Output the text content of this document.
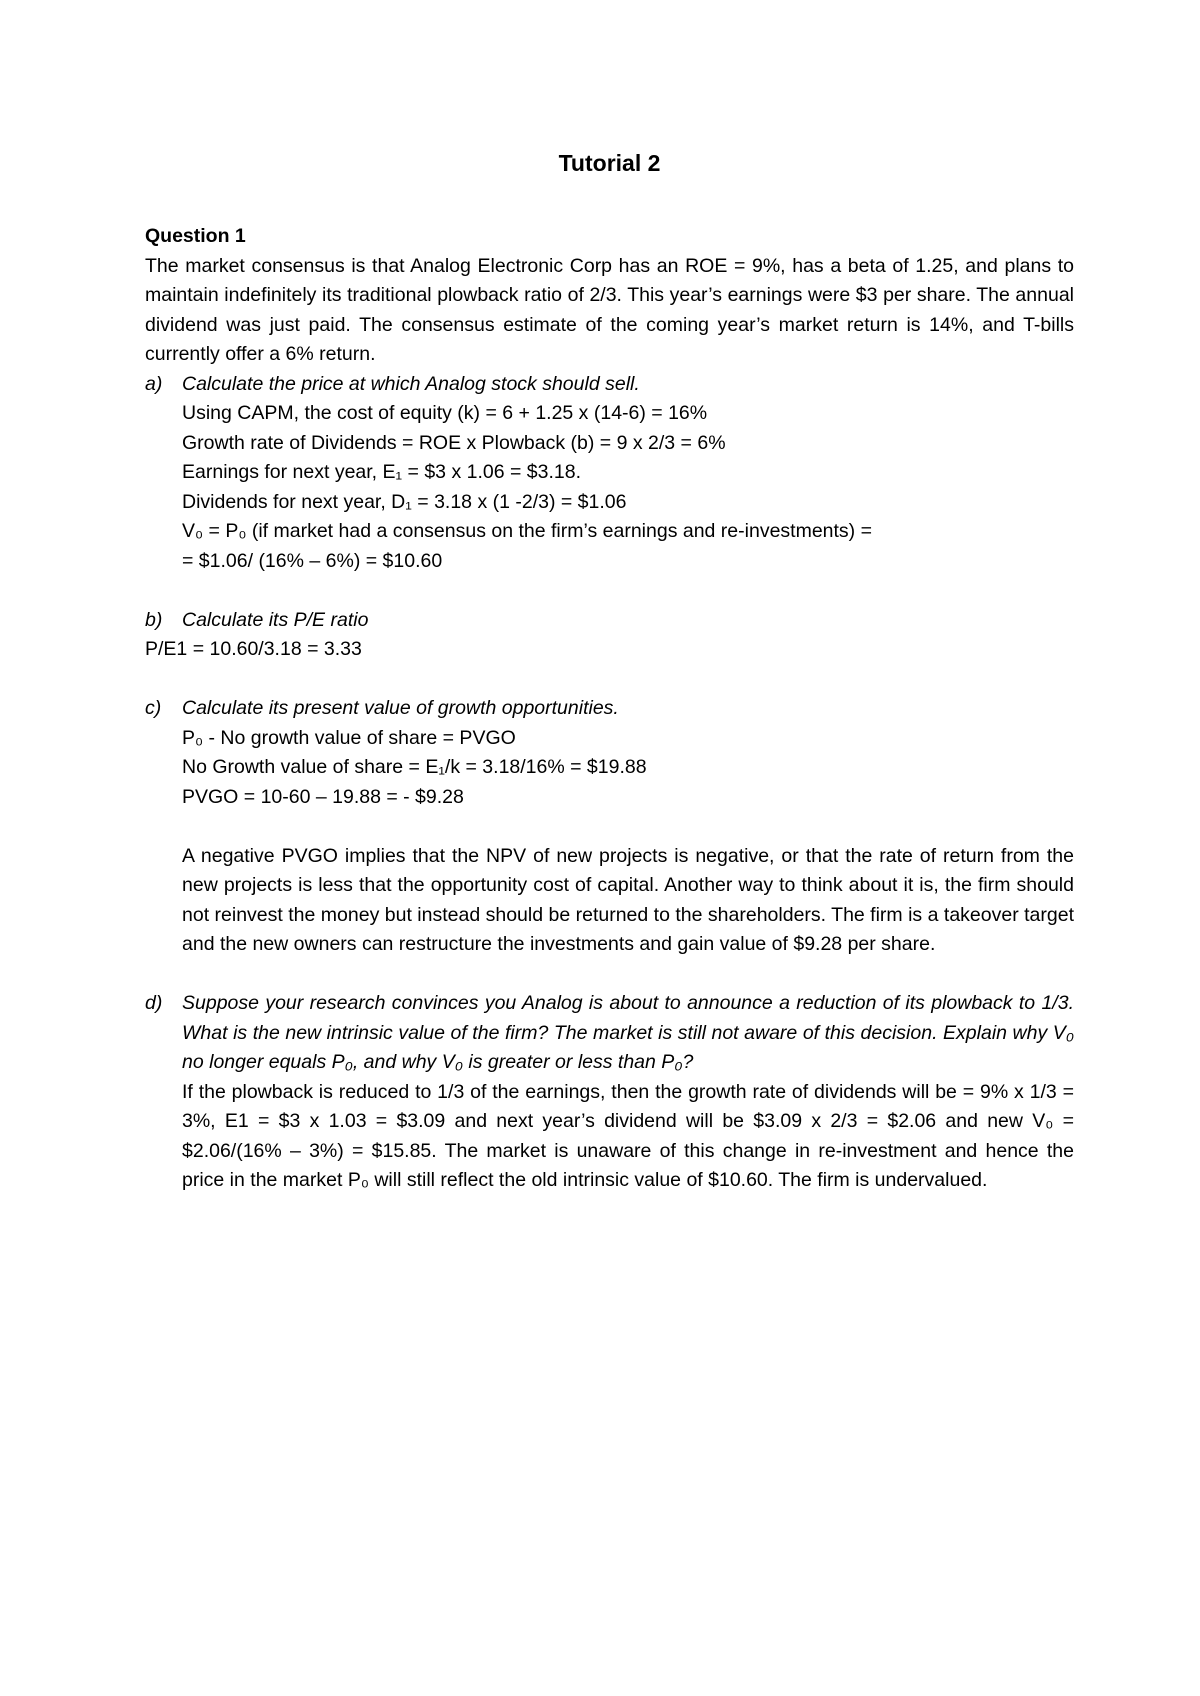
Tutorial 2

Question 1

The market consensus is that Analog Electronic Corp has an ROE = 9%, has a beta of 1.25, and plans to maintain indefinitely its traditional plowback ratio of 2/3. This year’s earnings were $3 per share. The annual dividend was just paid. The consensus estimate of the coming year’s market return is 14%, and T-bills currently offer a 6% return.

a)	Calculate the price at which Analog stock should sell.

Using CAPM, the cost of equity (k) = 6 + 1.25 x (14-6) = 16%

Growth rate of Dividends = ROE x Plowback (b) = 9 x 2/3 = 6%

Earnings for next year, E₁ = $3 x 1.06 = $3.18.

Dividends for next year, D₁ = 3.18 x (1 -2/3) = $1.06

V₀ = P₀ (if market had a consensus on the firm’s earnings and re-investments) =

= $1.06/ (16% – 6%) = $10.60

b)	Calculate its P/E ratio

P/E1 = 10.60/3.18 = 3.33

c)	Calculate its present value of growth opportunities.

P₀ - No growth value of share = PVGO

No Growth value of share = E₁/k = 3.18/16% = $19.88

PVGO = 10-60 – 19.88 = - $9.28

A negative PVGO implies that the NPV of new projects is negative, or that the rate of return from the new projects is less that the opportunity cost of capital. Another way to think about it is, the firm should not reinvest the money but instead should be returned to the shareholders. The firm is a takeover target and the new owners can restructure the investments and gain value of $9.28 per share.

d)	Suppose your research convinces you Analog is about to announce a reduction of its plowback to 1/3. What is the new intrinsic value of the firm? The market is still not aware of this decision. Explain why V₀ no longer equals P₀, and why V₀ is greater or less than P₀?

If the plowback is reduced to 1/3 of the earnings, then the growth rate of dividends will be = 9% x 1/3 = 3%, E1 = $3 x 1.03 = $3.09 and next year’s dividend will be $3.09 x 2/3 = $2.06 and new V₀ = $2.06/(16% – 3%) = $15.85. The market is unaware of this change in re-investment and hence the price in the market P₀ will still reflect the old intrinsic value of $10.60. The firm is undervalued.
